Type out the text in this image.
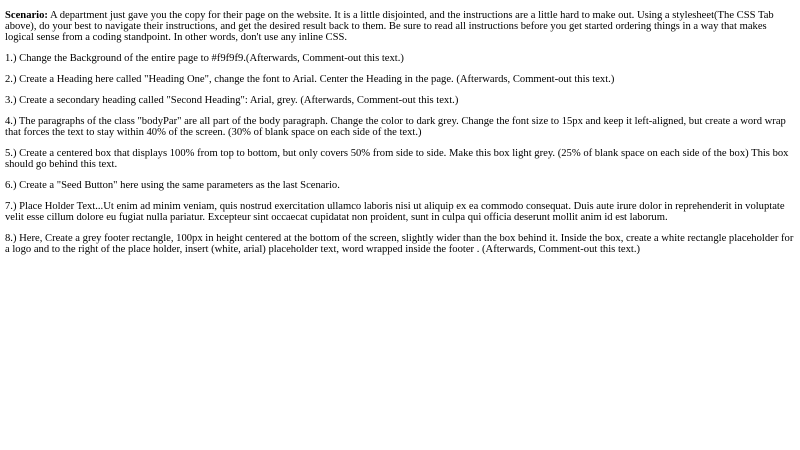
Scenario: A department just gave you the copy for their page on the website. It is a little disjointed, and the instructions are a little hard to make out. Using a stylesheet(The CSS Tab above), do your best to navigate their instructions, and get the desired result back to them. Be sure to read all instructions before you get started ordering things in a way that makes logical sense from a coding standpoint. In other words, don't use any inline CSS.

1.) Change the Background of the entire page to #f9f9f9.(Afterwards, Comment-out this text.)

2.) Create a Heading here called "Heading One", change the font to Arial. Center the Heading in the page. (Afterwards, Comment-out this text.)

3.) Create a secondary heading called "Second Heading": Arial, grey. (Afterwards, Comment-out this text.)

4.) The paragraphs of the class "bodyPar" are all part of the body paragraph. Change the color to dark grey. Change the font size to 15px and keep it left-aligned, but create a word wrap that forces the text to stay within 40% of the screen. (30% of blank space on each side of the text.)

5.) Create a centered box that displays 100% from top to bottom, but only covers 50% from side to side. Make this box light grey. (25% of blank space on each side of the box) This box should go behind this text.

6.) Create a "Seed Button" here using the same parameters as the last Scenario.

7.) Place Holder Text...Ut enim ad minim veniam, quis nostrud exercitation ullamco laboris nisi ut aliquip ex ea commodo consequat. Duis aute irure dolor in reprehenderit in voluptate velit esse cillum dolore eu fugiat nulla pariatur. Excepteur sint occaecat cupidatat non proident, sunt in culpa qui officia deserunt mollit anim id est laborum.

8.) Here, Create a grey footer rectangle, 100px in height centered at the bottom of the screen, slightly wider than the box behind it. Inside the box, create a white rectangle placeholder for a logo and to the right of the place holder, insert (white, arial) placeholder text, word wrapped inside the footer . (Afterwards, Comment-out this text.)
